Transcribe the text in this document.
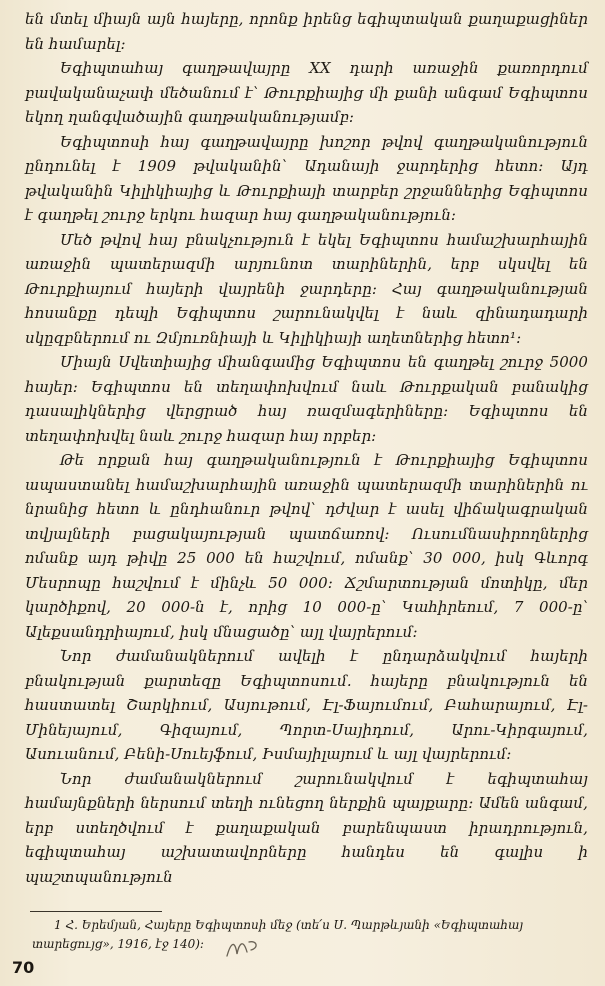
են մտել միայն այն հայերը, որոնք իրենց եգիպտական քաղաքացիներ են համարել:

Եգիպտահայ գաղթավայրը XX դարի առաջին քառորդում բավականաչափ մեծանում է՝ Թուրքիայից մի քանի անգամ Եգիպտոս եկող ղանգվածային գաղթականությամբ:

Եգիպտոսի հայ գաղթավայրը խոշոր թվով գաղթականություն ընդունել է 1909 թվականին՝ Ադանայի ջարդերից հետո: Այդ թվականին Կիլիկիայից և Թուրքիայի տարբեր շրջաններից Եգիպտոս է գաղթել շուրջ երկու հազար հայ գաղթականություն:

Մեծ թվով հայ բնակչություն է եկել Եգիպտոս համաշխարհային առաջին պատերազմի արյունոտ տարիներին, երբ սկսվել են Թուրքիայում հայերի վայրենի ջարդերը: Հայ գաղթականության հոսանքը դեպի Եգիպտոս շարունակվել է նաև զինադադարի սկըզբներում ու Զմյուռնիայի և Կիլիկիայի աղետներից հետո¹:

Միայն Սվետիայից միանգամից Եգիպտոս են գաղթել շուրջ 5000 հայեր: Եգիպտոս են տեղափոխվում նաև Թուրքական բանակից դասալիկներից վերցրած հայ ռազմագերիները: Եգիպտոս են տեղափոխվել նաև շուրջ հազար հայ որբեր:

Թե որքան հայ գաղթականություն է Թուրքիայից Եգիպտոս ապաստանել համաշխարհային առաջին պատերազմի տարիներին ու նրանից հետո և ընդհանուր թվով՝ դժվար է ասել վիճակագրական տվյալների բացակայության պատճառով: Ուսումնասիրողներից ոմանք այդ թիվը 25 000 են հաշվում, ոմանք՝ 30 000, իսկ Գևորգ Մեսրոպը հաշվում է մինչև 50 000: Ճշմարտության մոտիկը, մեր կարծիքով, 20 000-ն է, որից 10 000-ը՝ Կահիրեում, 7 000-ը՝ Ալեքսանդրիայում, իսկ մնացածը՝ այլ վայրերում:

Նոր ժամանակներում ավելի է ընդարձակվում հայերի բնակության քարտեզը Եգիպտոսում. հայերը բնակություն են հաստատել Շարկիում, Ասյութում, Էլ-Ֆայումում, Բահարայում, Էլ-Մինեյայում, Գիզայում, Պորտ-Սայիդում, Արու-Կիրգայում, Ասուանում, Բենի-Սուեյֆում, Իսմայիլայում և այլ վայրերում:

Նոր ժամանակներում շարունակվում է եգիպտահայ համայնքների ներսում տեղի ունեցող ներքին պայքարը: Ամեն անգամ, երբ ստեղծվում է քաղաքական բարենպաստ իրադրություն, եգիպտահայ աշխատավորները հանդես են գալիս ի պաշտպանություն

1 Հ. Երեմյան, Հայերը Եգիպտոսի մեջ (տե՛ս Ս. Պարթևյանի «Եգիպտահայ տարեցույց», 1916, էջ 140):
70
